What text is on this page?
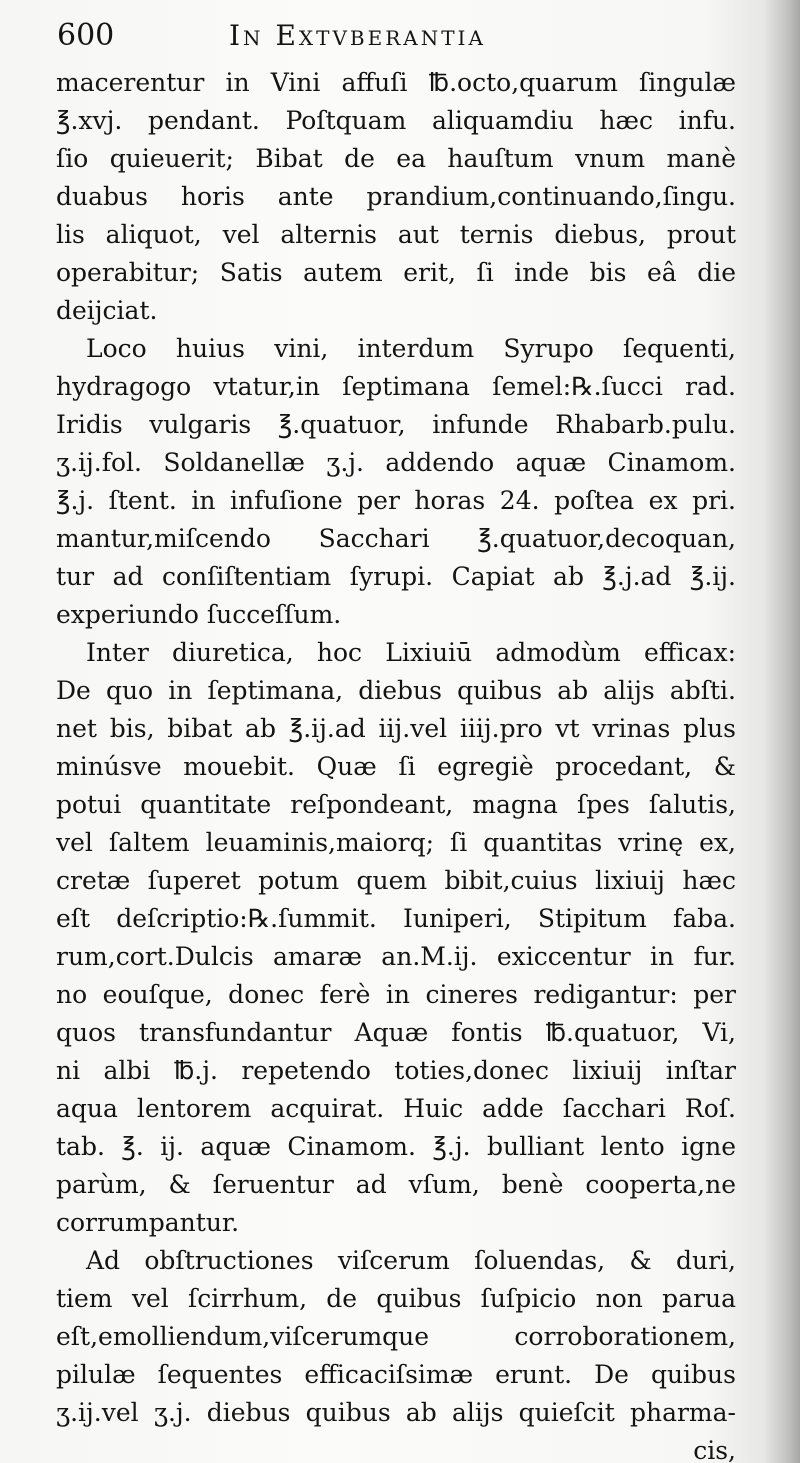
600	In Extvberantia
macerentur in Vini affuſi ℔.octo,quarum ſingulæ
℥.xvj. pendant. Poſtquam aliquamdiu hæc infu.
ſio quieuerit; Bibat de ea hauſtum vnum manè
duabus horis ante prandium,continuando,ſingu.
lis aliquot, vel alternis aut ternis diebus, prout
operabitur; Satis autem erit, ſi inde bis eâ die
deijciat.
Loco huius vini, interdum Syrupo ſequenti,
hydragogo vtatur,in ſeptimana ſemel:℞.ſucci rad.
Iridis vulgaris ℥.quatuor, infunde Rhabarb.pulu.
ʒ.ij.fol. Soldanellæ ʒ.j. addendo aquæ Cinamom.
℥.j. ſtent. in infuſione per horas 24. poſtea ex pri.
mantur,miſcendo Sacchari ℥.quatuor,decoquan,
tur ad conſiſtentiam ſyrupi. Capiat ab ℥.j.ad ℥.ij.
experiundo ſucceſſum.
Inter diuretica, hoc Lixiuiū admodùm efficax:
De quo in ſeptimana, diebus quibus ab alijs abſti.
net bis, bibat ab ℥.ij.ad iij.vel iiij.pro vt vrinas plus
minúsve mouebit. Quæ ſi egregiè procedant, &
potui quantitate reſpondeant, magna ſpes ſalutis,
vel ſaltem leuaminis,maiorq; ſi quantitas vrinę ex,
cretæ ſuperet potum quem bibit,cuius lixiuij hæc
eſt deſcriptio:℞.ſummit. Iuniperi, Stipitum faba.
rum,cort.Dulcis amaræ an.M.ij. exiccentur in fur.
no eouſque, donec ferè in cineres redigantur: per
quos transfundantur Aquæ fontis ℔.quatuor, Vi,
ni albi ℔.j. repetendo toties,donec lixiuij inſtar
aqua lentorem acquirat. Huic adde ſacchari Roſ.
tab. ℥. ij. aquæ Cinamom. ℥.j. bulliant lento igne
parùm, & ſeruentur ad vſum, benè cooperta,ne
corrumpantur.
Ad obſtructiones viſcerum ſoluendas, & duri,
tiem vel ſcirrhum, de quibus ſuſpicio non parua
eſt,emolliendum,viſcerumque corroborationem,
pilulæ ſequentes efficaciſsimæ erunt. De quibus
ʒ.ij.vel ʒ.j. diebus quibus ab alijs quieſcit pharma-
cis,
